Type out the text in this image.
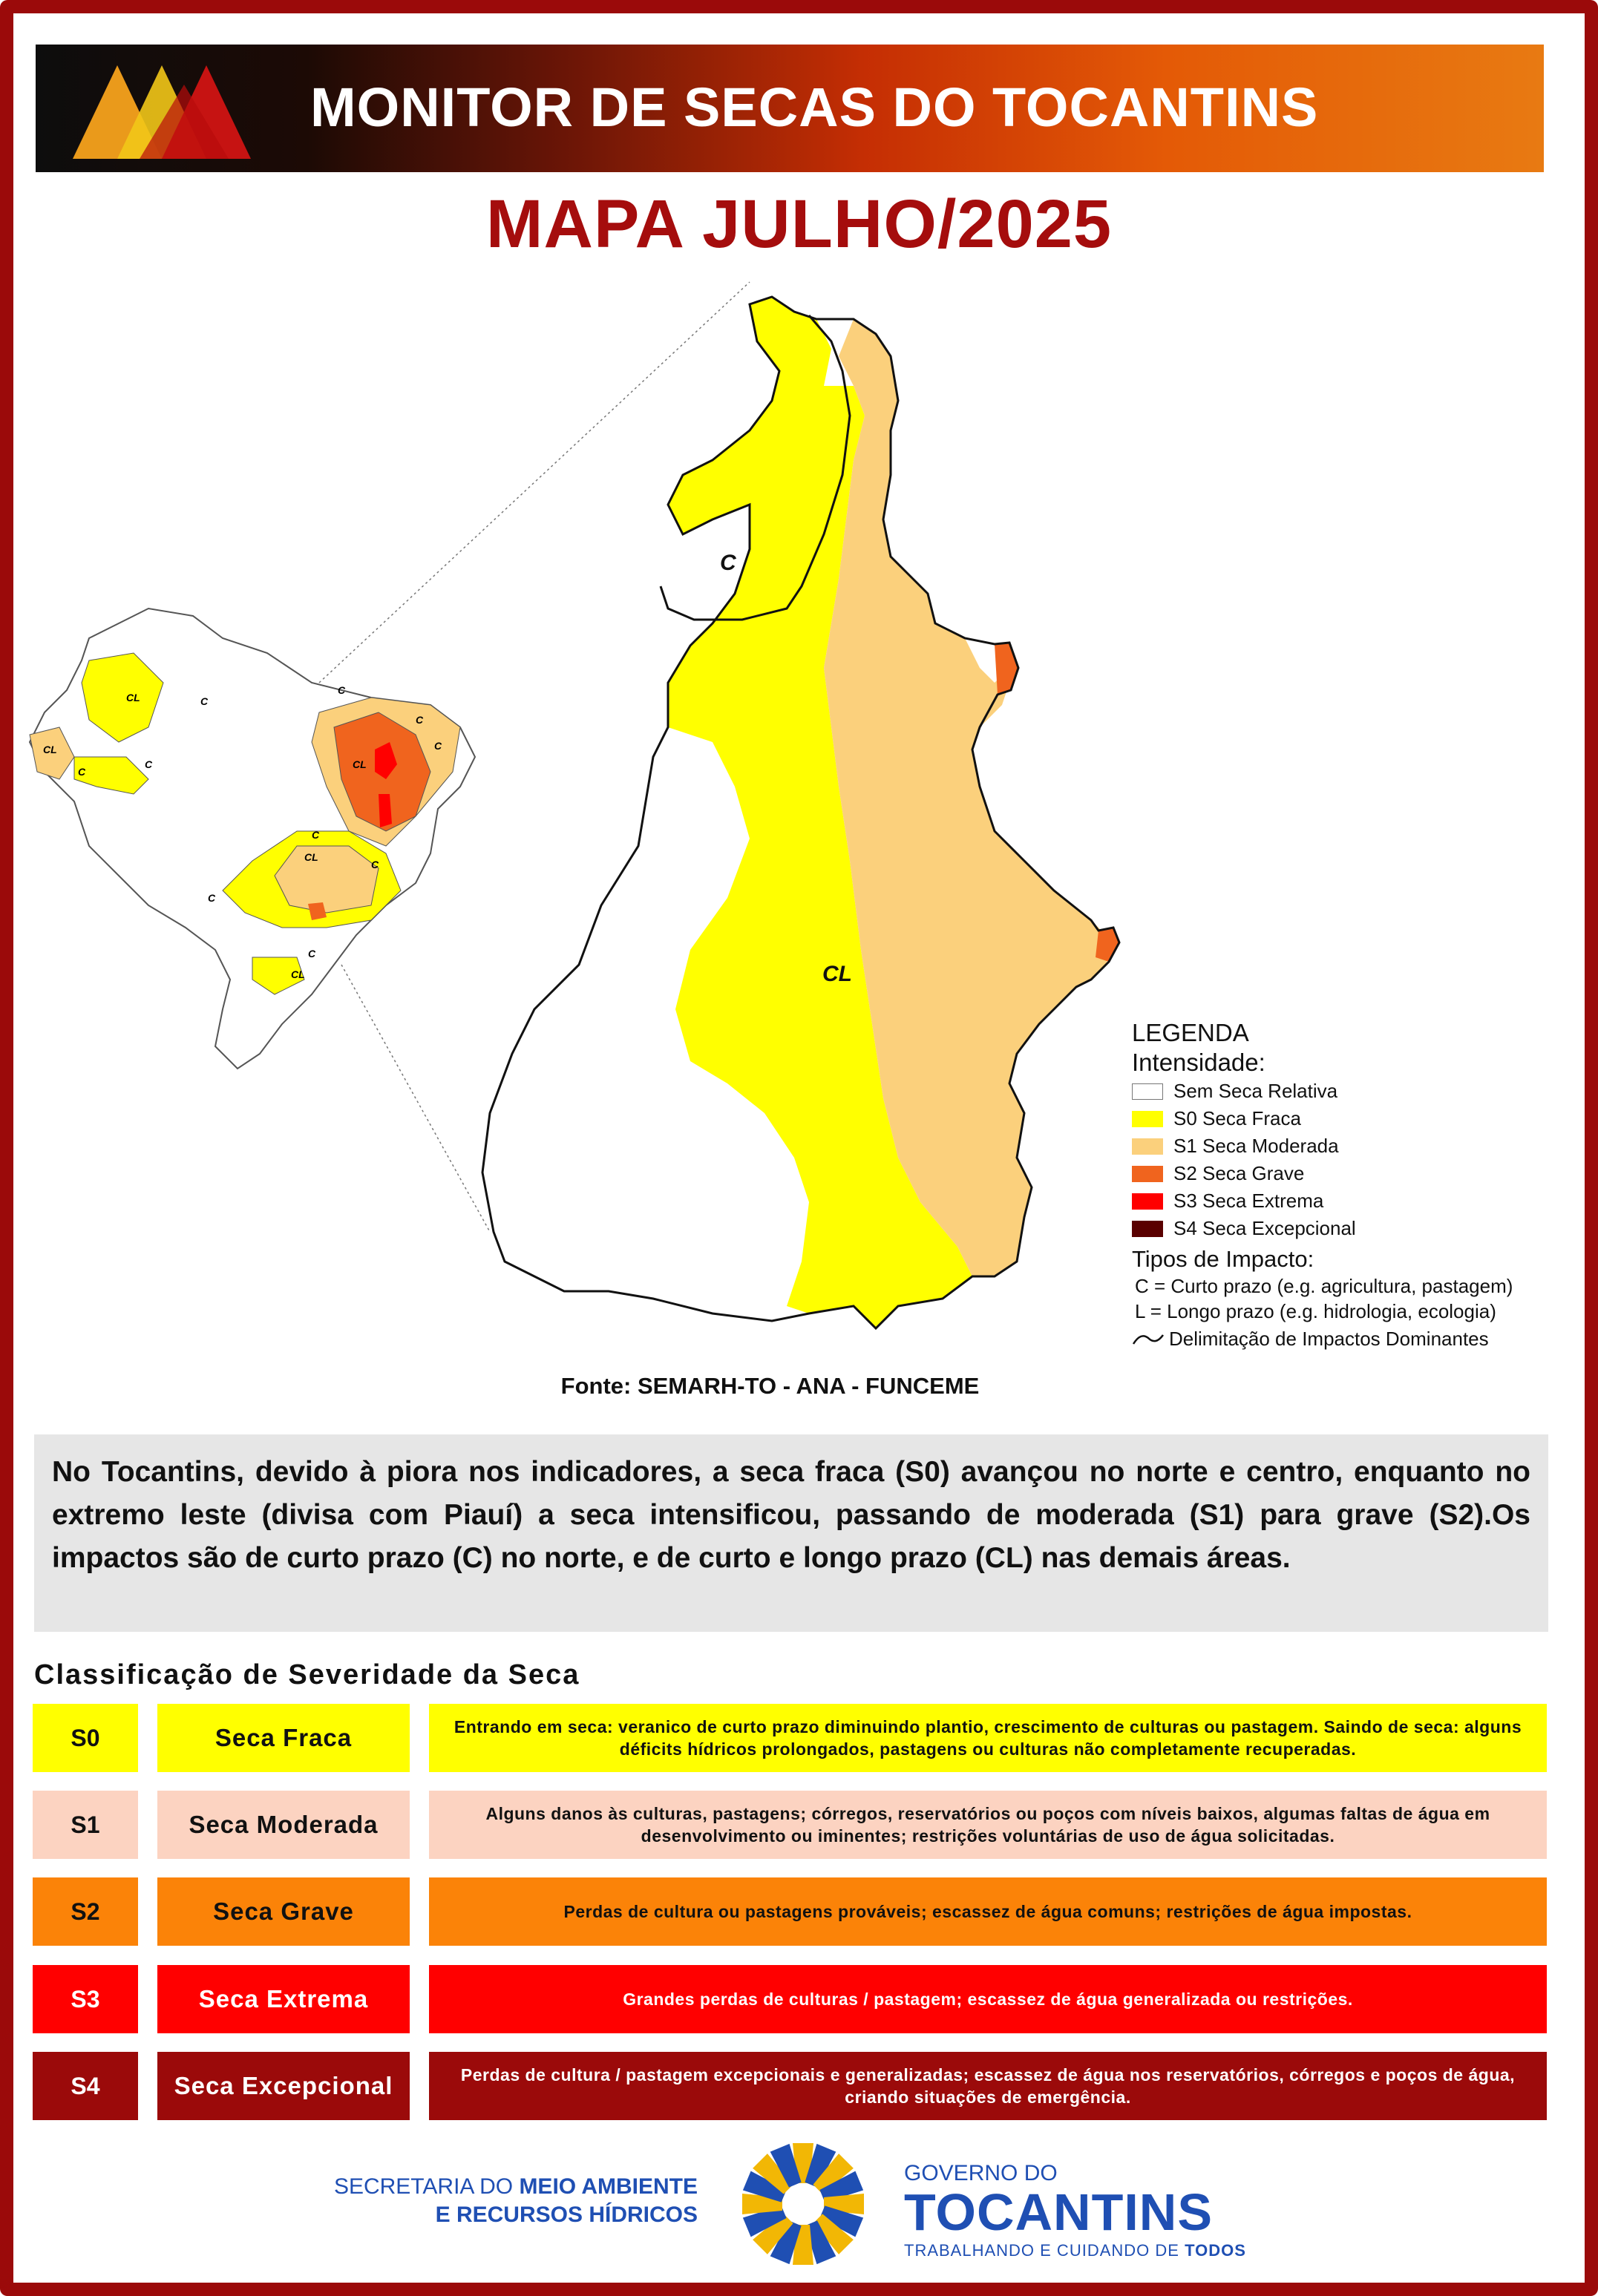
MONITOR DE SECAS DO TOCANTINS
MAPA JULHO/2025
C
CL
CL	C
CL
C
C
C
CL
C
C
C
CL
C
C
C
CL
LEGENDA
Intensidade:
Sem Seca Relativa
S0 Seca Fraca
S1 Seca Moderada
S2 Seca Grave
S3 Seca Extrema
S4 Seca Excepcional
Tipos de Impacto:
C = Curto prazo (e.g. agricultura, pastagem)
L = Longo prazo (e.g. hidrologia, ecologia)
Delimitação de Impactos Dominantes
Fonte: SEMARH-TO - ANA - FUNCEME
No Tocantins, devido à piora nos indicadores, a seca fraca (S0) avançou no norte e centro, enquanto no extremo leste (divisa com Piauí) a seca intensificou, passando de moderada (S1) para grave (S2).Os impactos são de curto prazo (C) no norte, e de curto e longo prazo (CL) nas demais áreas.
Classificação de Severidade da Seca
S0	Seca Fraca	Entrando em seca: veranico de curto prazo diminuindo plantio, crescimento de culturas ou pastagem. Saindo de seca: alguns déficits hídricos prolongados, pastagens ou culturas não completamente recuperadas.
S1	Seca Moderada	Alguns danos às culturas, pastagens; córregos, reservatórios ou poços com níveis baixos, algumas faltas de água em desenvolvimento ou iminentes; restrições voluntárias de uso de água solicitadas.
S2	Seca Grave	Perdas de cultura ou pastagens prováveis; escassez de água comuns; restrições de água impostas.
S3	Seca Extrema	Grandes perdas de culturas / pastagem; escassez de água generalizada ou restrições.
S4	Seca Excepcional	Perdas de cultura / pastagem excepcionais e generalizadas; escassez de água nos reservatórios, córregos e poços de água, criando situações de emergência.
SECRETARIA DO MEIO AMBIENTE
E RECURSOS HÍDRICOS
GOVERNO DO
TOCANTINS
TRABALHANDO E CUIDANDO DE TODOS
